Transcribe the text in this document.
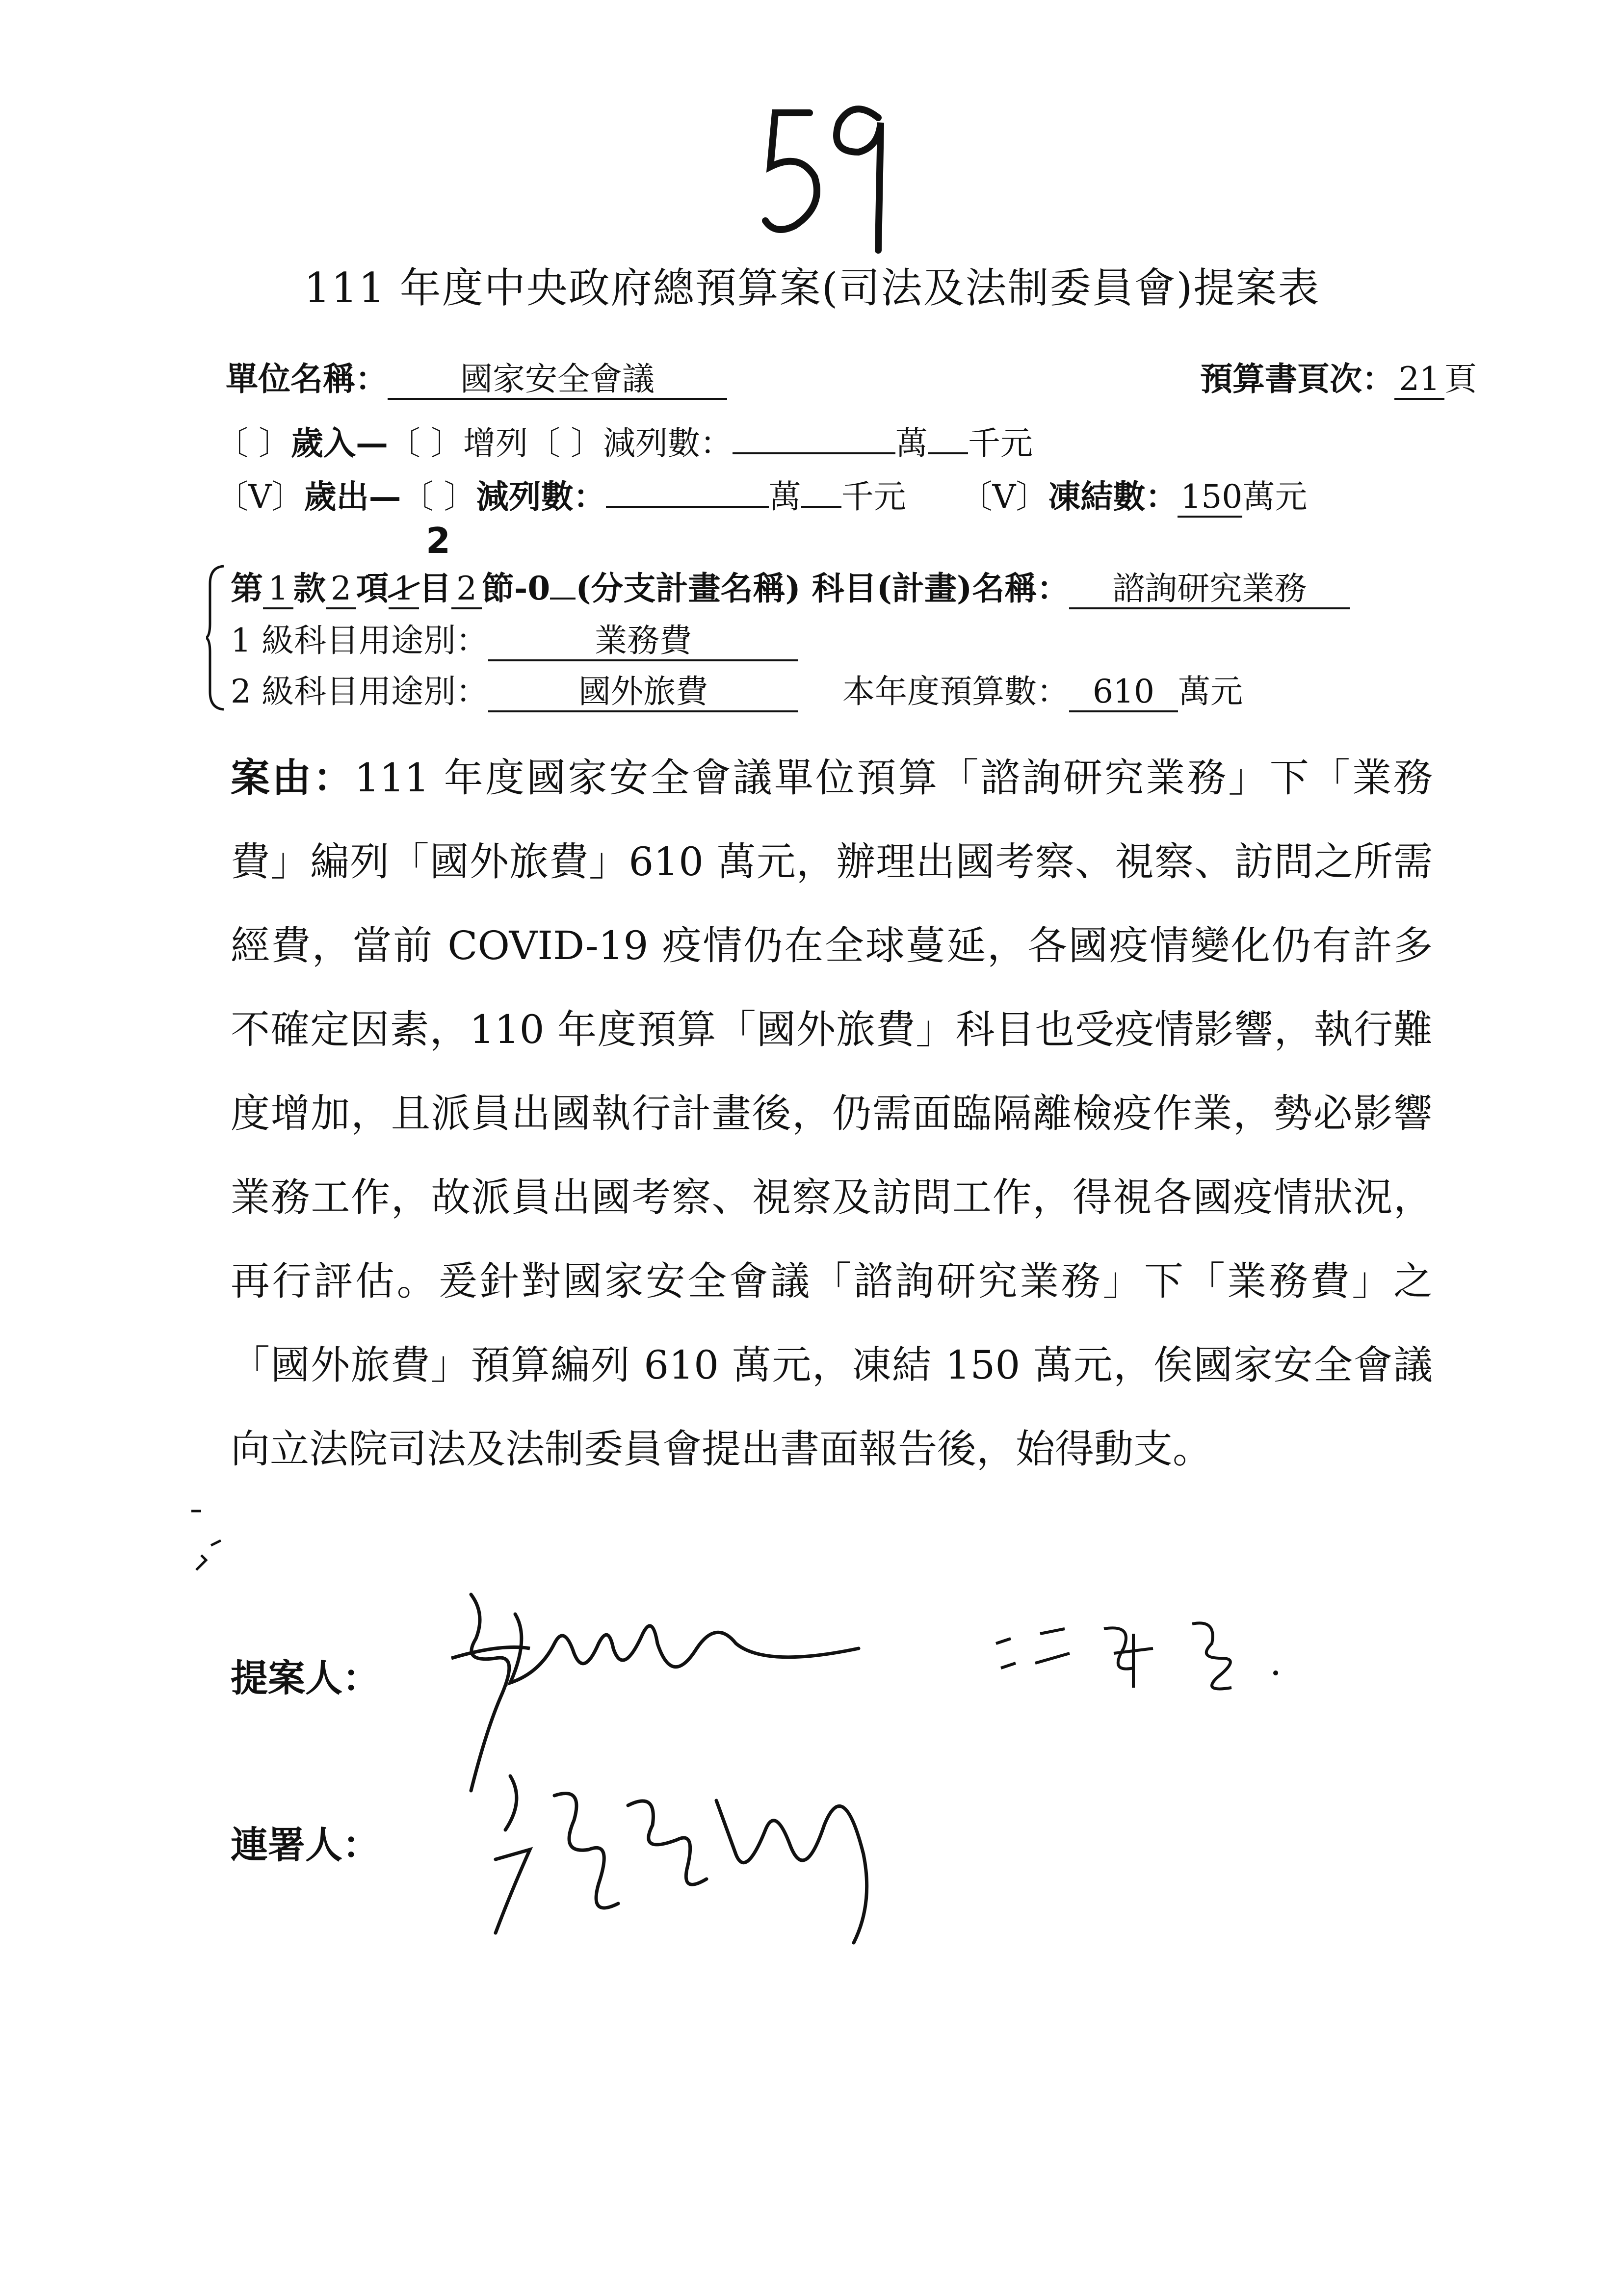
111 年度中央政府總預算案(司法及法制委員會)提案表
單位名稱： 國家安全會議	預算書頁次： 21 頁
〔 〕歲入—〔 〕增列〔 〕減列數：	萬 千元
〔V〕歲出—〔 〕減列數：	萬 千元 〔V〕凍結數：150萬元
2
第 1 款 2 項 1 目 2 節-0 (分支計畫名稱) 科目(計畫)名稱： 諮詢研究業務
1 級科目用途別：	業務費
2 級科目用途別：	國外旅費	本年度預算數： 610 萬元
案由：111 年度國家安全會議單位預算「諮詢研究業務」下「業務費」編列「國外旅費」610 萬元，辦理出國考察、視察、訪問之所需經費，當前 COVID-19 疫情仍在全球蔓延，各國疫情變化仍有許多不確定因素，110 年度預算「國外旅費」科目也受疫情影響，執行難度增加，且派員出國執行計畫後，仍需面臨隔離檢疫作業，勢必影響業務工作，故派員出國考察、視察及訪問工作，得視各國疫情狀況，再行評估。爰針對國家安全會議「諮詢研究業務」下「業務費」之「國外旅費」預算編列 610 萬元，凍結 150 萬元，俟國家安全會議向立法院司法及法制委員會提出書面報告後，始得動支。
提案人：
連署人：
